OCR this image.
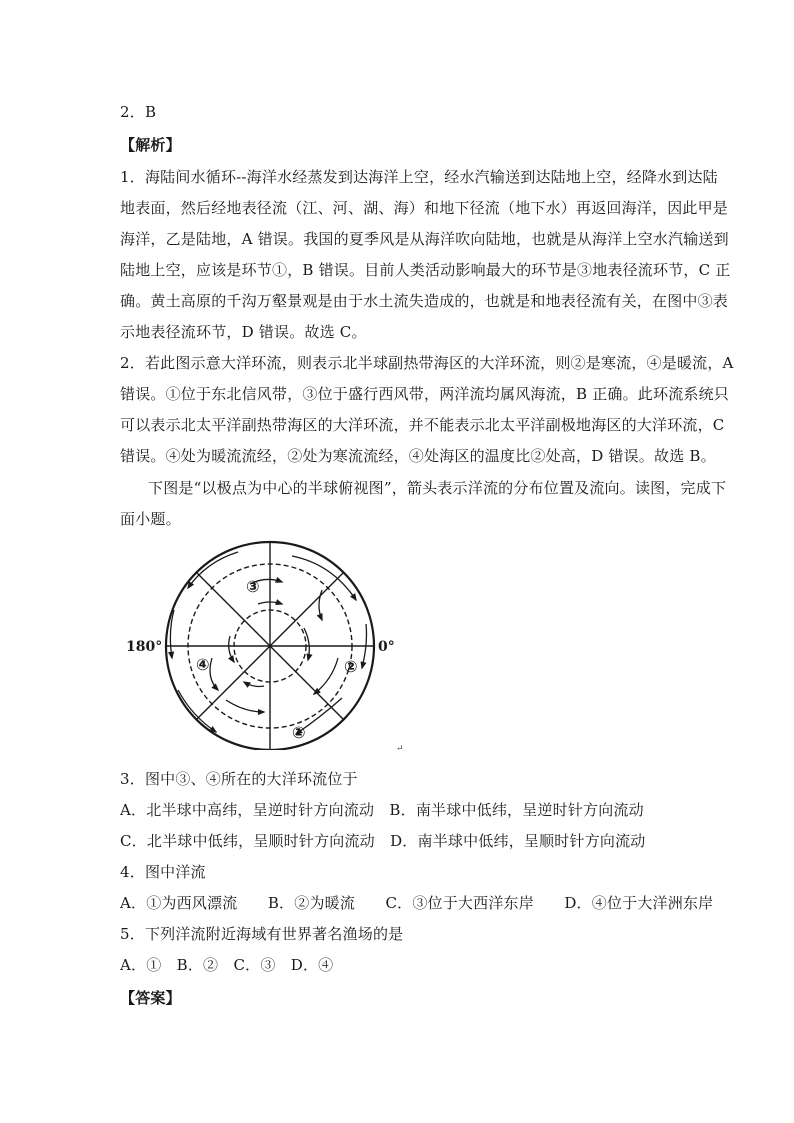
2．B
【解析】
1．海陆间水循环--海洋水经蒸发到达海洋上空，经水汽输送到达陆地上空，经降水到达陆
地表面，然后经地表径流（江、河、湖、海）和地下径流（地下水）再返回海洋，因此甲是
海洋，乙是陆地，A 错误。我国的夏季风是从海洋吹向陆地，也就是从海洋上空水汽输送到
陆地上空，应该是环节①，B 错误。目前人类活动影响最大的环节是③地表径流环节，C 正
确。黄土高原的千沟万壑景观是由于水土流失造成的，也就是和地表径流有关，在图中③表
示地表径流环节，D 错误。故选 C。
2．若此图示意大洋环流，则表示北半球副热带海区的大洋环流，则②是寒流，④是暖流，A
错误。①位于东北信风带，③位于盛行西风带，两洋流均属风海流，B 正确。此环流系统只
可以表示北太平洋副热带海区的大洋环流，并不能表示北太平洋副极地海区的大洋环流，C
错误。④处为暖流流经，②处为寒流流经，④处海区的温度比②处高，D 错误。故选 B。
下图是“以极点为中心的半球俯视图”，箭头表示洋流的分布位置及流向。读图，完成下
面小题。
180°	0°
①
②
③
④
↵
3．图中③、④所在的大洋环流位于
A．北半球中高纬，呈逆时针方向流动　B．南半球中低纬，呈逆时针方向流动
C．北半球中低纬，呈顺时针方向流动　D．南半球中低纬，呈顺时针方向流动
4．图中洋流
A．①为西风漂流　　B．②为暖流　　C．③位于大西洋东岸　　D．④位于大洋洲东岸
5．下列洋流附近海域有世界著名渔场的是
A．①　B．②　C．③　D．④
【答案】
